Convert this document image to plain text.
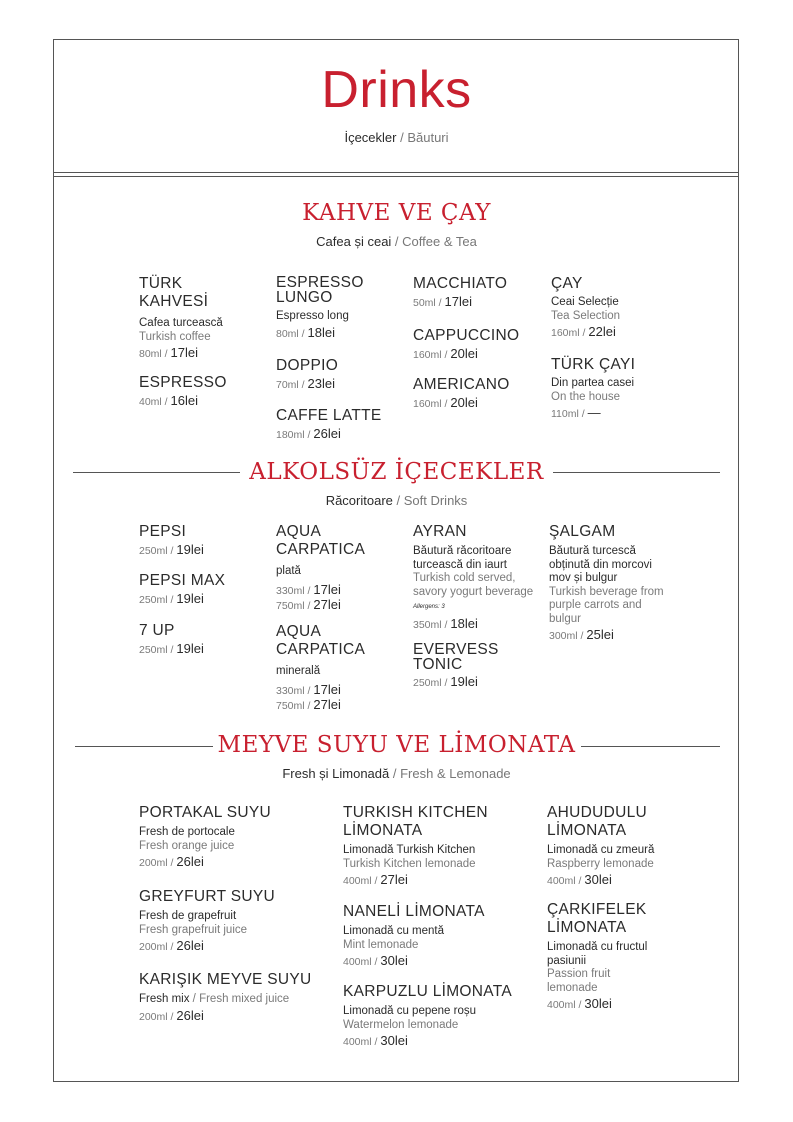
Drinks
İçecekler / Băuturi
KAHVE VE ÇAY
Cafea și ceai / Coffee & Tea
TÜRK KAHVESİ
Cafea turcească
Turkish coffee
80ml / 17lei
ESPRESSO
40ml / 16lei
ESPRESSO LUNGO
Espresso long
80ml / 18lei
DOPPIO
70ml / 23lei
CAFFE LATTE
180ml / 26lei
MACCHIATO
50ml / 17lei
CAPPUCCINO
160ml / 20lei
AMERICANO
160ml / 20lei
ÇAY
Ceai Selecție
Tea Selection
160ml / 22lei
TÜRK ÇAYI
Din partea casei
On the house
110ml / —
ALKOLSÜZ İÇECEKLER
Răcoritoare / Soft Drinks
PEPSI
250ml / 19lei
PEPSI MAX
250ml / 19lei
7 UP
250ml / 19lei
AQUA CARPATICA
plată
330ml / 17lei
750ml / 27lei
AQUA CARPATICA
minerală
330ml / 17lei
750ml / 27lei
AYRAN
Băutură răcoritoare turcească din iaurt
Turkish cold served, savory yogurt beverage Allergens: 3
350ml / 18lei
EVERVESS TONIC
250ml / 19lei
ŞALGAM
Băutură turcescă obținută din morcovi mov și bulgur
Turkish beverage from purple carrots and bulgur
300ml / 25lei
MEYVE SUYU VE LİMONATA
Fresh și Limonadă / Fresh & Lemonade
PORTAKAL SUYU
Fresh de portocale
Fresh orange juice
200ml / 26lei
GREYFURT SUYU
Fresh de grapefruit
Fresh grapefruit juice
200ml / 26lei
KARIŞIK MEYVE SUYU
Fresh mix / Fresh mixed juice
200ml / 26lei
TURKISH KITCHEN LİMONATA
Limonadă Turkish Kitchen
Turkish Kitchen lemonade
400ml / 27lei
NANELİ LİMONATA
Limonadă cu mentă
Mint lemonade
400ml / 30lei
KARPUZLU LİMONATA
Limonadă cu pepene roșu
Watermelon lemonade
400ml / 30lei
AHUDUDULU LİMONATA
Limonadă cu zmeură
Raspberry lemonade
400ml / 30lei
ÇARKIFELEK LİMONATA
Limonadă cu fructul pasiunii
Passion fruit lemonade
400ml / 30lei
